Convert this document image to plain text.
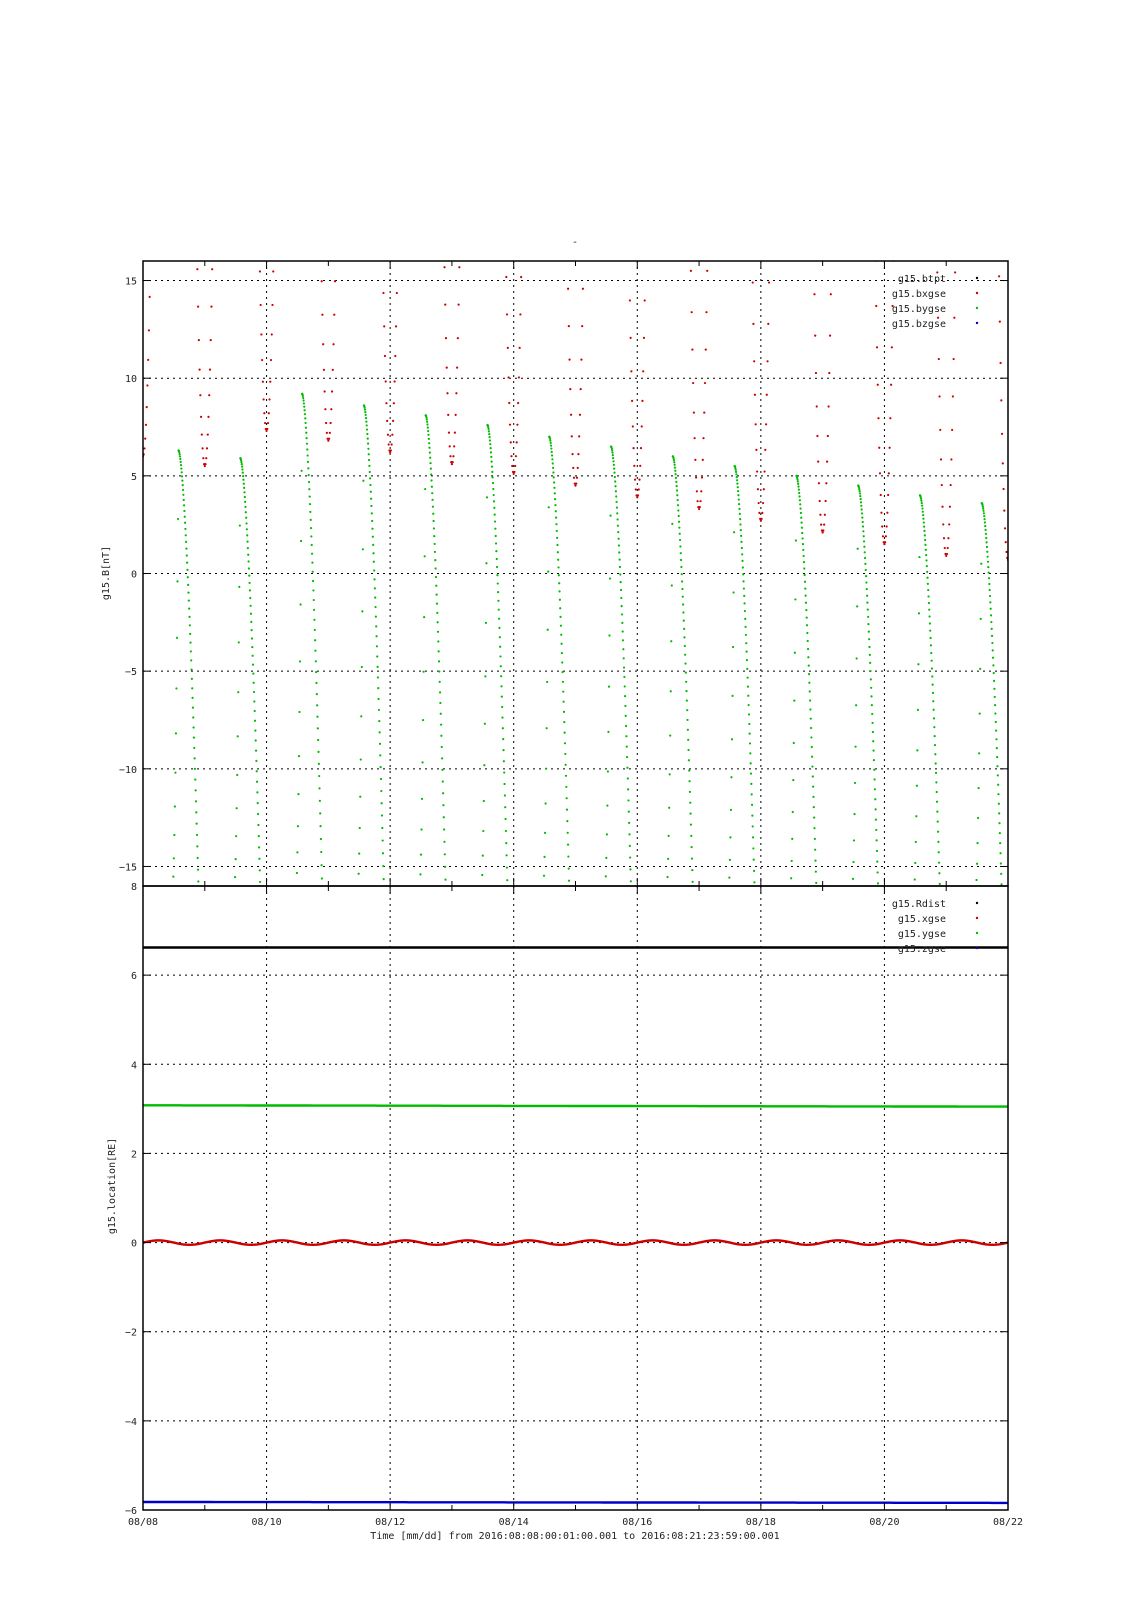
-
15
10
5
0
−5
−10
−15
g15.B[nT]
g15.btpt
g15.bxgse
g15.bygse
g15.bzgse
8
6
4
2
0
−2
−4
−6
g15.location[RE]
g15.Rdist
g15.xgse
g15.ygse
g15.zgse
08/08	08/10	08/12	08/14	08/16	08/18	08/20	08/22
Time [mm/dd] from 2016:08:08:00:01:00.001 to 2016:08:21:23:59:00.001
